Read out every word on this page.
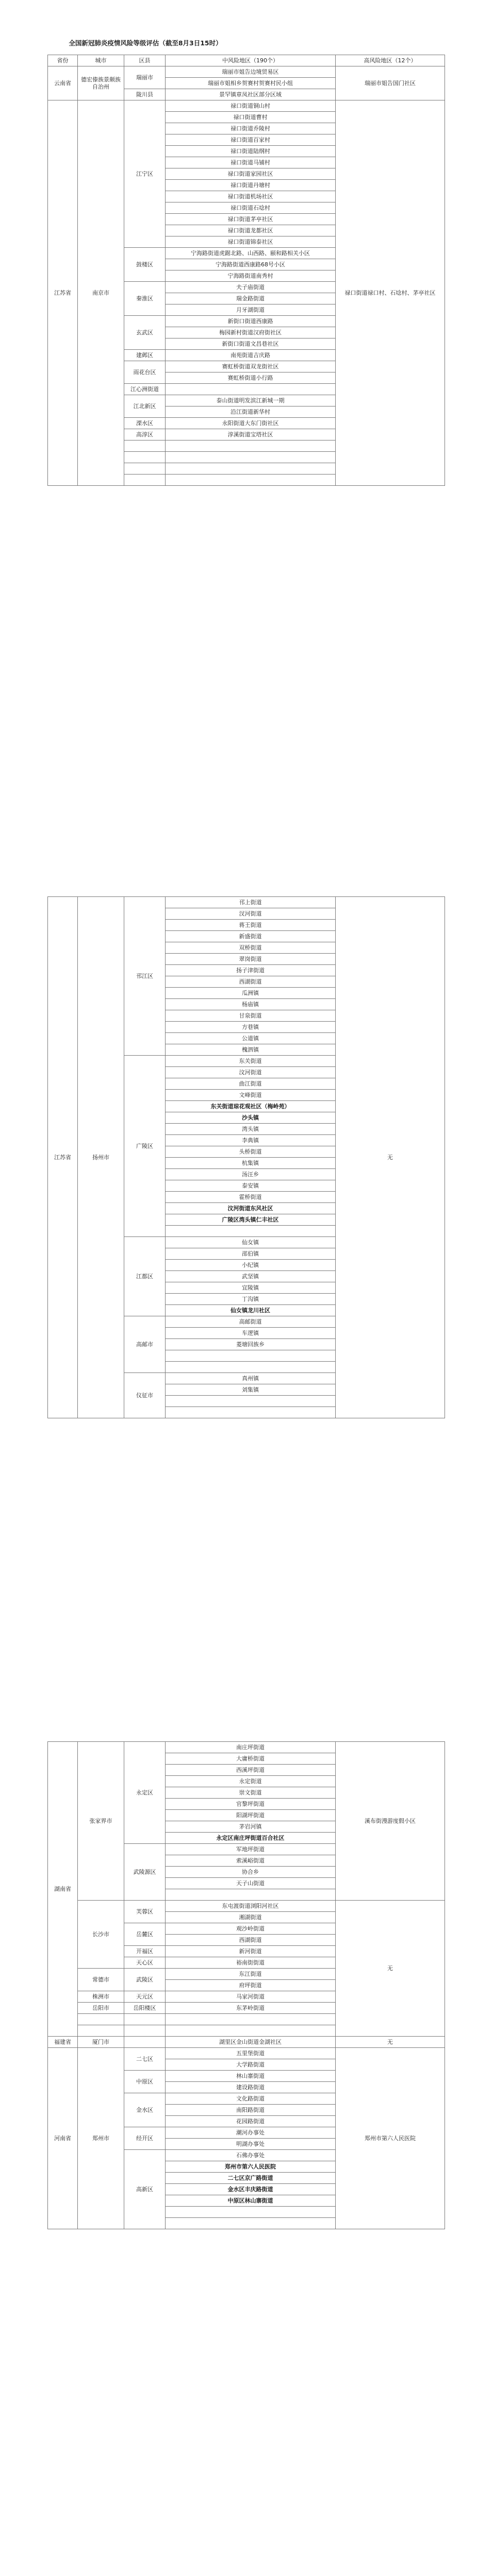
全国新冠肺炎疫情风险等级评估（截至8月3日15时）
省份	城市	区县	中风险地区（190个）	高风险地区（12个）
云南省	德宏傣族景颇族自治州	瑞丽市	瑞丽市姐告边境贸易区	瑞丽市姐告国门社区
			瑞丽市姐相乡贺赛村贺赛村民小组	
		陇川县	景罕镇章凤社区部分区域	
江苏省	南京市	江宁区	禄口街道铜山村	禄口街道禄口村、石埝村、茅亭社区
			禄口街道曹村	
			禄口街道乔陵村	
			禄口街道百家村	
			禄口街道陆纲村	
			禄口街道马铺村	
			禄口街道家园社区	
			禄口街道丹塘村	
			禄口街道机场社区	
			禄口街道石埝村	
			禄口街道茅亭社区	
			禄口街道龙都社区	
			禄口街道锦泰社区	
		鼓楼区	宁海路街道虎踞北路、山西路、颐和路相关小区	
			宁海路街道西康路68号小区	
			宁海路街道南秀村	
		秦淮区	夫子庙街道	
			瑞金路街道	
			月牙湖街道	
		玄武区	新街口街道西康路	
			梅园新村街道汉府街社区	
			新街口街道文昌巷社区	
		建邺区	南苑街道吉庆路	
		雨花台区	赛虹桥街道双龙街社区	
			赛虹桥街道小行路	
		江心洲街道		
		江北新区	泰山街道明发滨江新城一期	
			沿江街道新华村	
		溧水区	永阳街道大东门街社区	
		高淳区	淳溪街道宝塔社区	

江苏省	扬州市	邗江区	邗上街道	无
			汊河街道	
			蒋王街道	
			新盛街道	
			双桥街道	
			翠岗街道	
			扬子津街道	
			西湖街道	
			瓜洲镇	
			杨庙镇	
			甘泉街道	
			方巷镇	
			公道镇	
			槐泗镇	
		广陵区	东关街道	
			汶河街道	
			曲江街道	
			文峰街道	
			东关街道琼花观社区（梅岭苑）	
			沙头镇	
			湾头镇	
			李典镇	
			头桥街道	
			杭集镇	
			汤汪乡	
			泰安镇	
			霍桥街道	
			汶河街道东风社区	
			广陵区湾头镇仁丰社区	

		江都区	仙女镇	
			邵伯镇	
			小纪镇	
			武坚镇	
			宜陵镇	
			丁沟镇	
			仙女镇龙川社区	
		高邮市	高邮街道	
			车逻镇	
			菱塘回族乡	

		仪征市	真州镇	
			刘集镇	

湖南省	张家界市	永定区	南庄坪街道	溪布街漫游度假小区
			大庸桥街道	
			西溪坪街道	
			永定街道	
			崇文街道	
			官黎坪街道	
			阳湖坪街道	
			茅岩河镇	
			永定区南庄坪街道百合社区	
		武陵源区	军地坪街道	
			索溪峪街道	
			协合乡	
			天子山街道	

	长沙市	芙蓉区	东屯渡街道浏阳河社区	无
			湘湖街道	
		岳麓区	观沙岭街道	
			西湖街道	
		开福区	新河街道	
		天心区	裕南街街道	
	常德市	武陵区	东江街道	
			府坪街道	
	株洲市	天元区	马家河街道	
	岳阳市	岳阳楼区	东茅岭街道	

福建省	厦门市		湖里区金山街道金湖社区	无
河南省	郑州市	二七区	五里堡街道	郑州市第六人民医院
			大学路街道	
		中原区	林山寨街道	
			建设路街道	
		金水区	文化路街道	
			南阳路街道	
			花园路街道	
		经开区	潮河办事处	
			明湖办事处	
		高新区	石佛办事处	
			郑州市第六人民医院	
			二七区京广路街道	
			金水区丰庆路街道	
			中原区林山寨街道	
